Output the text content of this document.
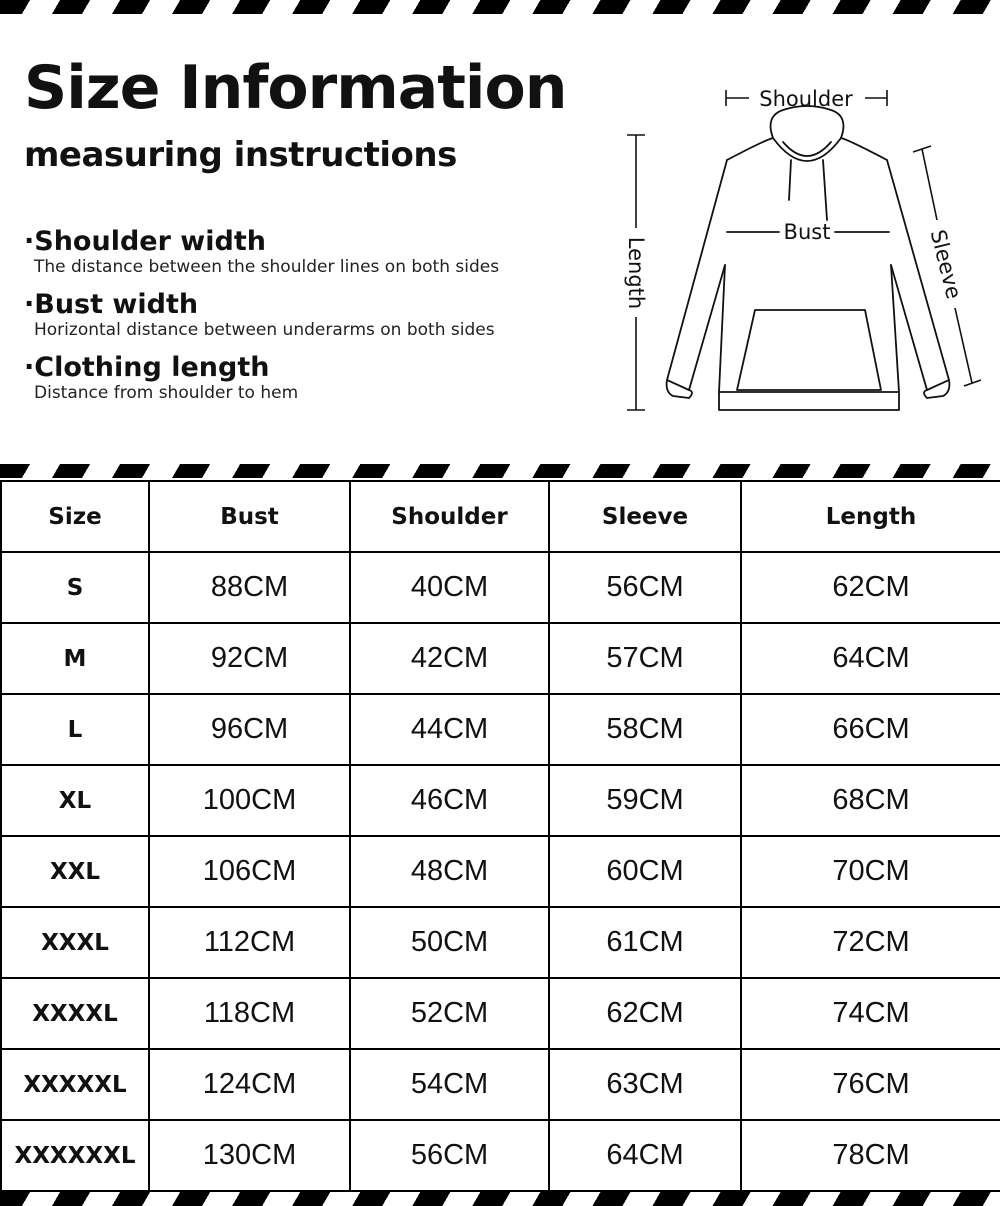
Size Information
measuring instructions
·Shoulder width
The distance between the shoulder lines on both sides
·Bust width
Horizontal distance between underarms on both sides
·Clothing length
Distance from shoulder to hem
Shoulder
Length	Sleeve
Bust
Size	Bust	Shoulder	Sleeve	Length
S	88CM	40CM	56CM	62CM
M	92CM	42CM	57CM	64CM
L	96CM	44CM	58CM	66CM
XL	100CM	46CM	59CM	68CM
XXL	106CM	48CM	60CM	70CM
XXXL	112CM	50CM	61CM	72CM
XXXXL	118CM	52CM	62CM	74CM
XXXXXL	124CM	54CM	63CM	76CM
XXXXXXL	130CM	56CM	64CM	78CM
